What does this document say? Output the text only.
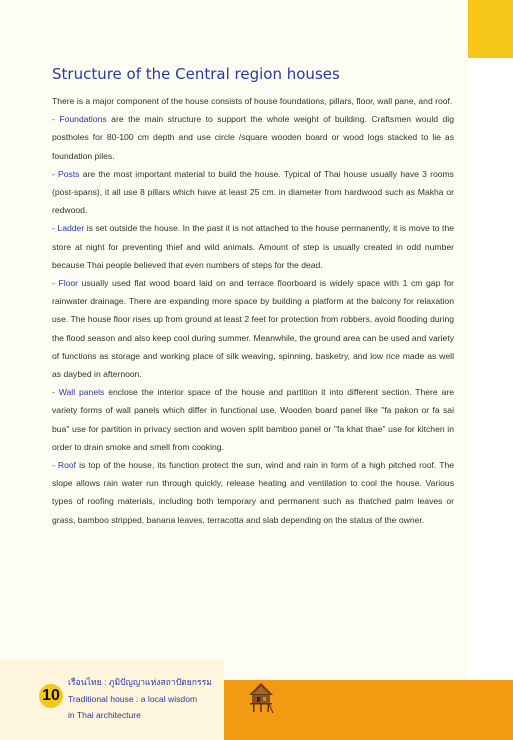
Structure of the Central region houses

There is a major component of the house consists of house foundations, pillars, floor, wall pane, and roof.

- Foundations are the main structure to support the whole weight of building. Craftsmen would dig postholes for 80-100 cm depth and use circle /square wooden board or wood logs stacked to lie as foundation piles.

- Posts are the most important material to build the house. Typical of Thai house usually have 3 rooms (post-spans), it all use 8 pillars which have at least 25 cm. in diameter from hardwood such as Makha or redwood.

- Ladder is set outside the house. In the past it is not attached to the house permanently, it is move to the store at night for preventing thief and wild animals. Amount of step is usually created in odd number because Thai people believed that even numbers of steps for the dead.

- Floor usually used flat wood board laid on and terrace floorboard is widely space with 1 cm gap for rainwater drainage. There are expanding more space by building a platform at the balcony for relaxation use. The house floor rises up from ground at least 2 feet for protection from robbers, avoid flooding during the flood season and also keep cool during summer. Meanwhile, the ground area can be used and variety of functions as storage and working place of silk weaving, spinning, basketry, and low rice made as well as daybed in afternoon.

- Wall panels enclose the interior space of the house and partition it into different section. There are variety forms of wall panels which differ in functional use. Wooden board panel like "fa pakon or fa sai bua" use for partition in privacy section and woven split bamboo panel or "fa khat thae" use for kitchen in order to drain smoke and smell from cooking.

- Roof is top of the house, its function protect the sun, wind and rain in form of a high pitched roof. The slope allows rain water run through quickly, release heating and ventilation to cool the house. Various types of roofing materials, including both temporary and permanent such as thatched palm leaves or grass, bamboo stripped, banana leaves, terracotta and slab depending on the status of the owner.

10
เรือนไทย : ภูมิปัญญาแห่งสถาปัตยกรรม
Traditional house : a local wisdom
in Thai architecture
